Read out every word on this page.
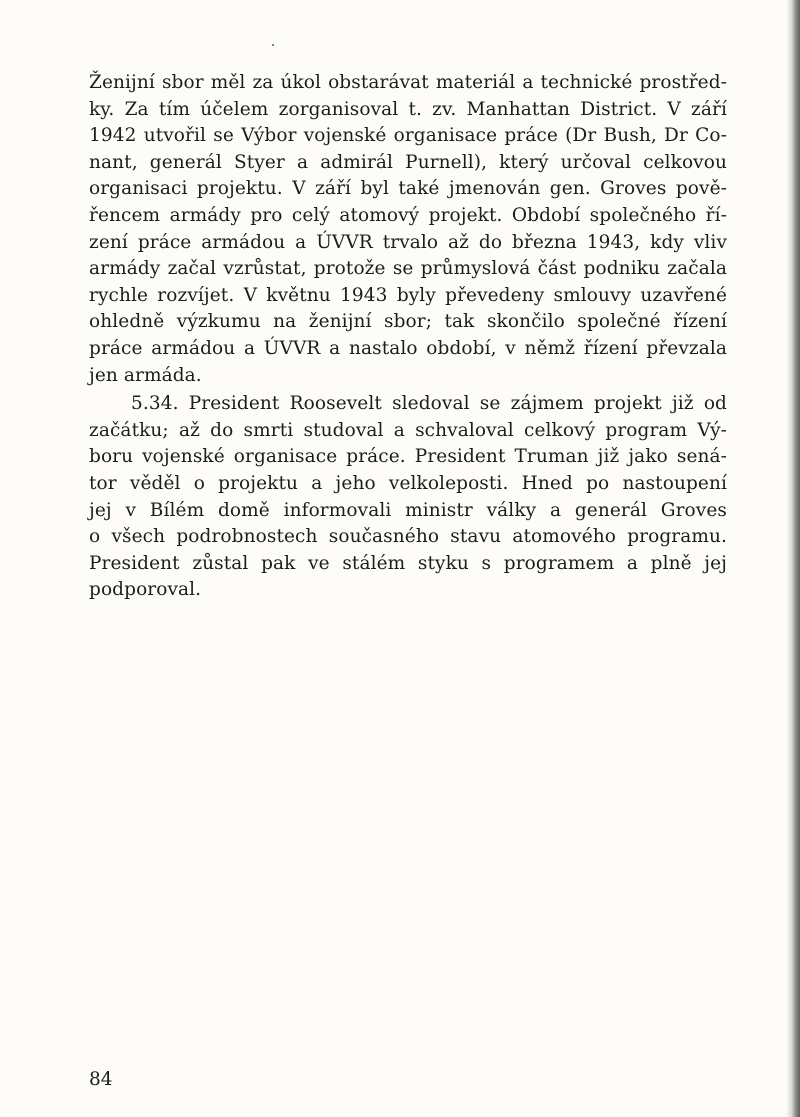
Ženijní sbor měl za úkol obstarávat materiál a technické prostřed-
ky. Za tím účelem zorganisoval t. zv. Manhattan District. V září
1942 utvořil se Výbor vojenské organisace práce (Dr Bush, Dr Co-
nant, generál Styer a admirál Purnell), který určoval celkovou
organisaci projektu. V září byl také jmenován gen. Groves pově-
řencem armády pro celý atomový projekt. Období společného ří-
zení práce armádou a ÚVVR trvalo až do března 1943, kdy vliv
armády začal vzrůstat, protože se průmyslová část podniku začala
rychle rozvíjet. V květnu 1943 byly převedeny smlouvy uzavřené
ohledně výzkumu na ženijní sbor; tak skončilo společné řízení
práce armádou a ÚVVR a nastalo období, v němž řízení převzala
jen armáda.
5.34. President Roosevelt sledoval se zájmem projekt již od
začátku; až do smrti studoval a schvaloval celkový program Vý-
boru vojenské organisace práce. President Truman již jako sená-
tor věděl o projektu a jeho velkoleposti. Hned po nastoupení
jej v Bílém domě informovali ministr války a generál Groves
o všech podrobnostech současného stavu atomového programu.
President zůstal pak ve stálém styku s programem a plně jej
podporoval.
84
